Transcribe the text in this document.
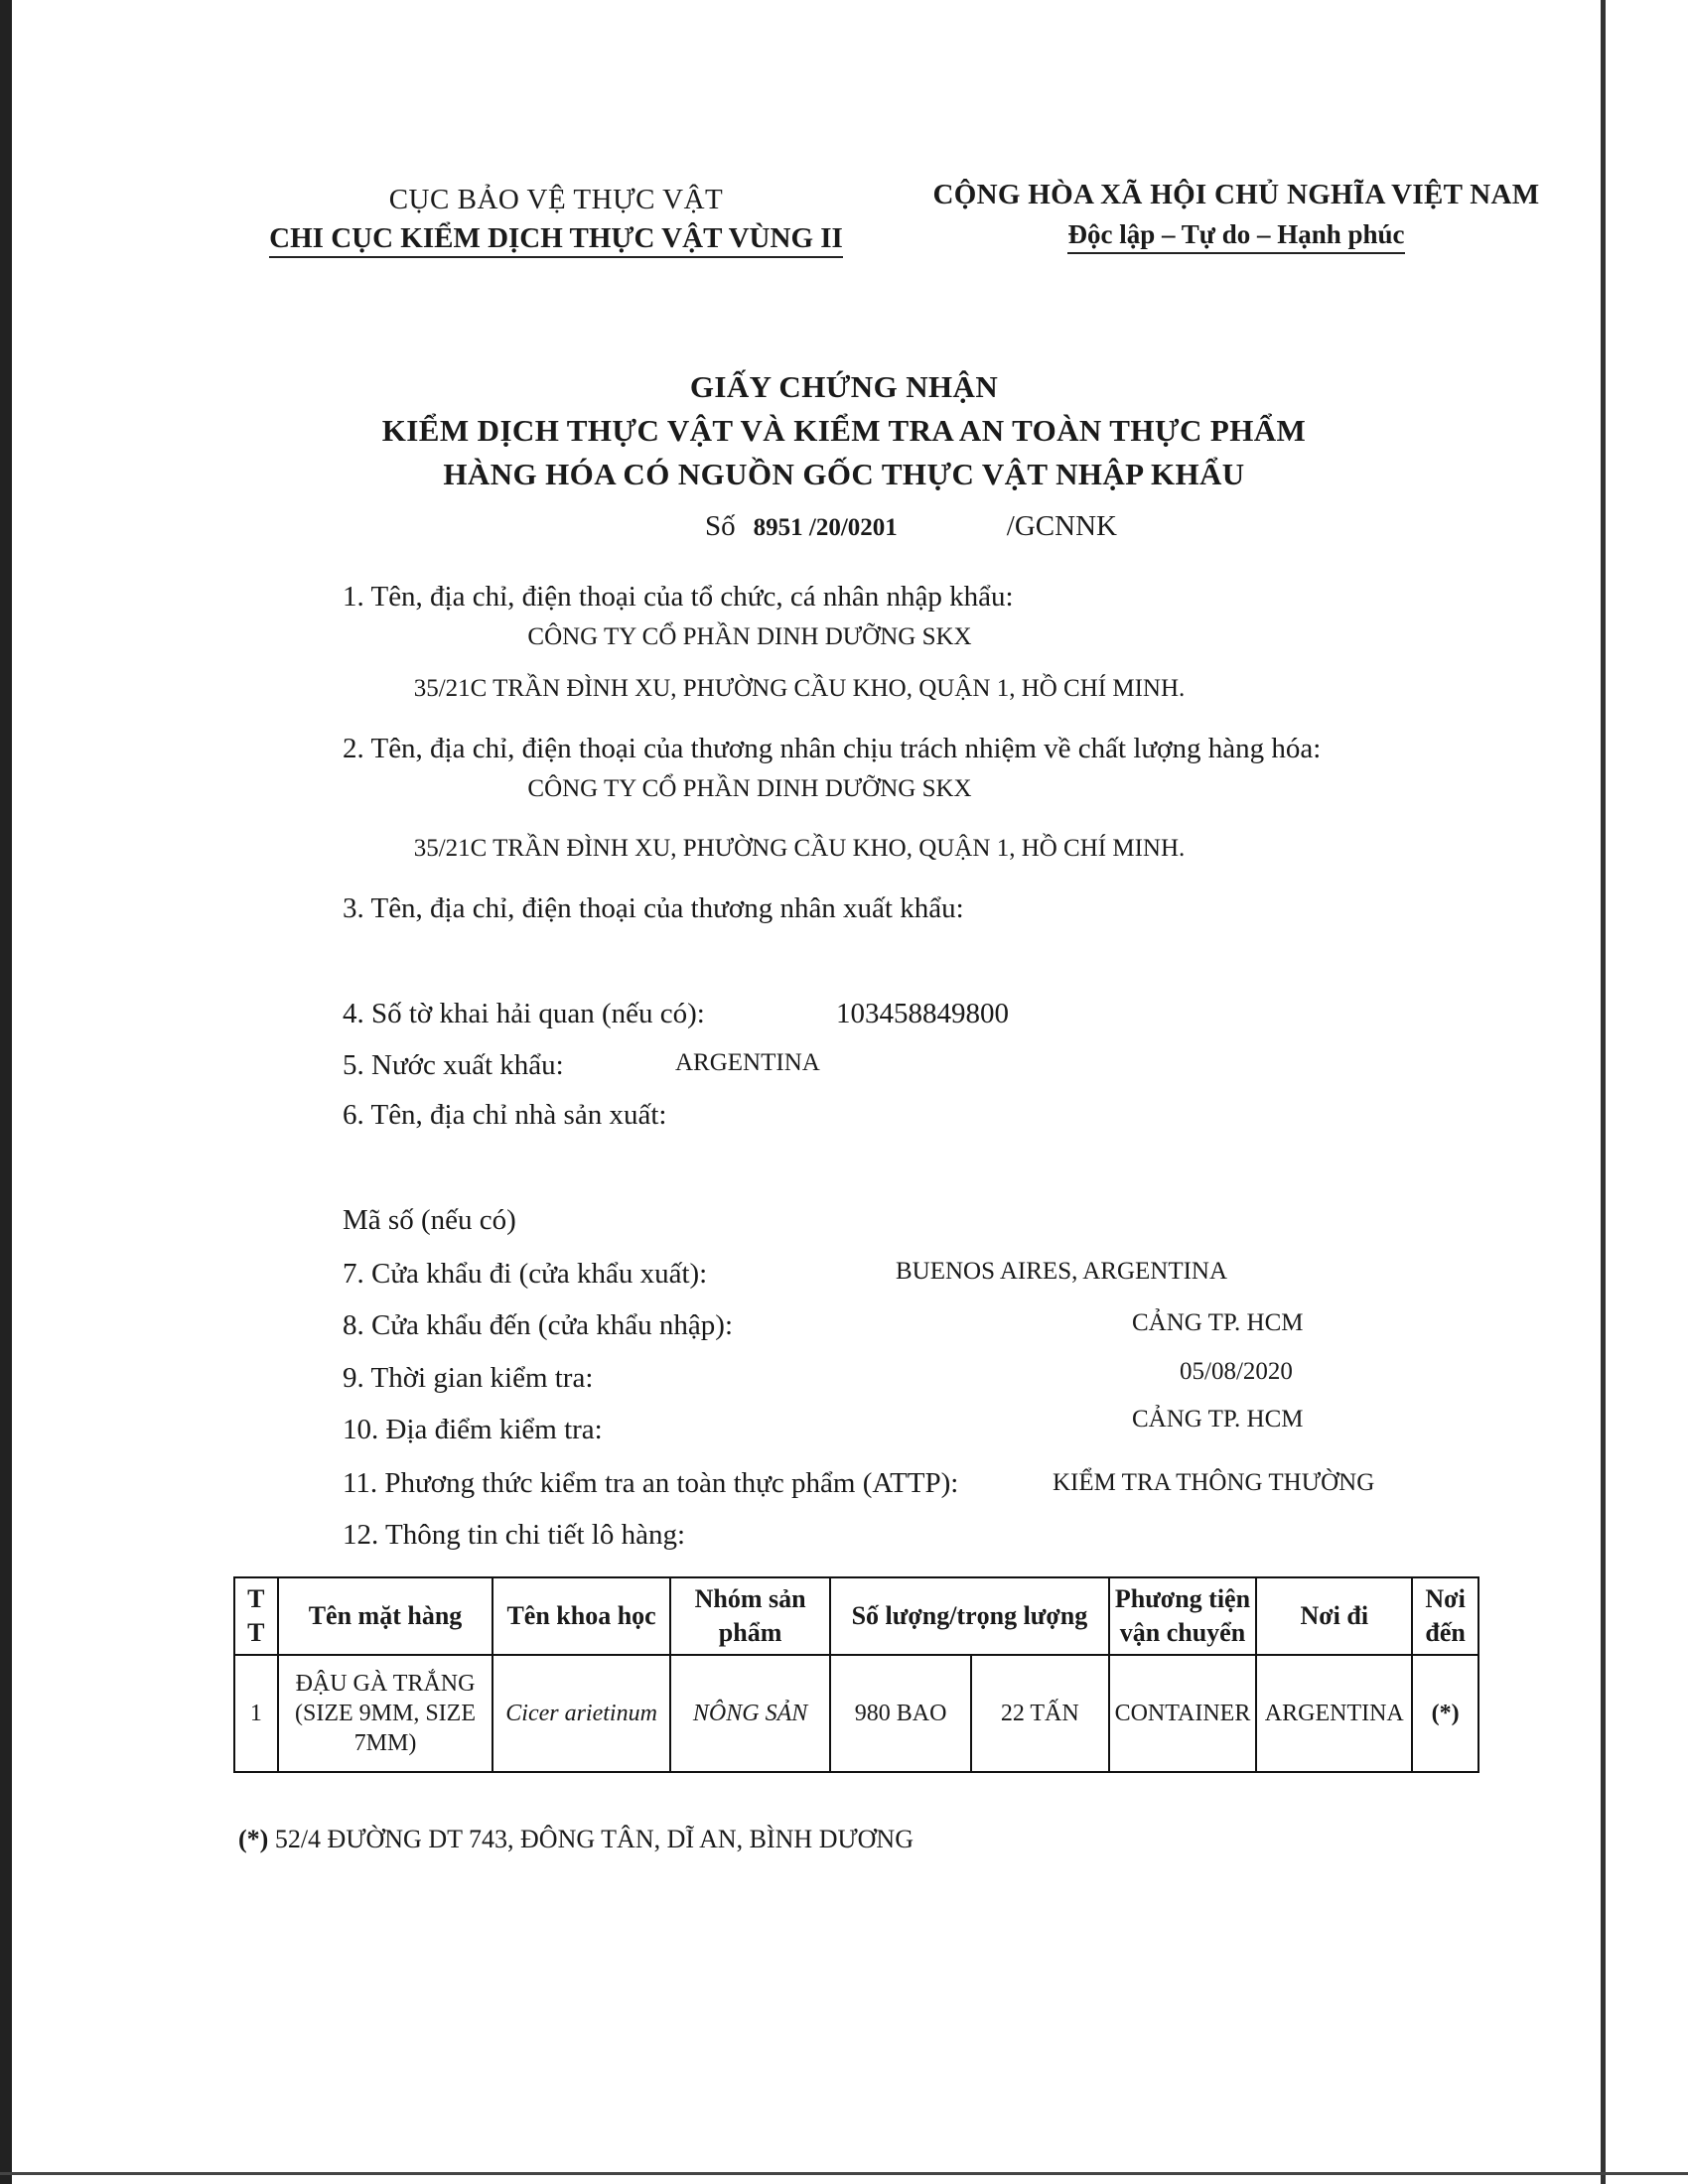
CỤC BẢO VỆ THỰC VẬT
CHI CỤC KIỂM DỊCH THỰC VẬT VÙNG II
CỘNG HÒA XÃ HỘI CHỦ NGHĨA VIỆT NAM
Độc lập – Tự do – Hạnh phúc
GIẤY CHỨNG NHẬN
KIỂM DỊCH THỰC VẬT VÀ KIỂM TRA AN TOÀN THỰC PHẨM
HÀNG HÓA CÓ NGUỒN GỐC THỰC VẬT NHẬP KHẨU
Số 8951 /20/0201	/GCNNK
1. Tên, địa chỉ, điện thoại của tổ chức, cá nhân nhập khẩu:
CÔNG TY CỔ PHẦN DINH DƯỠNG SKX
35/21C TRẦN ĐÌNH XU, PHƯỜNG CẦU KHO, QUẬN 1, HỒ CHÍ MINH.
2. Tên, địa chỉ, điện thoại của thương nhân chịu trách nhiệm về chất lượng hàng hóa:
CÔNG TY CỔ PHẦN DINH DƯỠNG SKX
35/21C TRẦN ĐÌNH XU, PHƯỜNG CẦU KHO, QUẬN 1, HỒ CHÍ MINH.
3. Tên, địa chỉ, điện thoại của thương nhân xuất khẩu:
4. Số tờ khai hải quan (nếu có):	103458849800
5. Nước xuất khẩu:	ARGENTINA
6. Tên, địa chỉ nhà sản xuất:
Mã số (nếu có)
7. Cửa khẩu đi (cửa khẩu xuất):	BUENOS AIRES, ARGENTINA
8. Cửa khẩu đến (cửa khẩu nhập):	CẢNG TP. HCM
9. Thời gian kiểm tra:	05/08/2020
10. Địa điểm kiểm tra:	CẢNG TP. HCM
11. Phương thức kiểm tra an toàn thực phẩm (ATTP):	KIỂM TRA THÔNG THƯỜNG
12. Thông tin chi tiết lô hàng:
T T	Tên mặt hàng	Tên khoa học	Nhóm sản phẩm	Số lượng/trọng lượng		Phương tiện vận chuyển	Nơi đi	Nơi đến
1	ĐẬU GÀ TRẮNG (SIZE 9MM, SIZE 7MM)	Cicer arietinum	NÔNG SẢN	980 BAO	22 TẤN	CONTAINER	ARGENTINA	(*)
(*) 52/4 ĐƯỜNG DT 743, ĐÔNG TÂN, DĨ AN, BÌNH DƯƠNG
